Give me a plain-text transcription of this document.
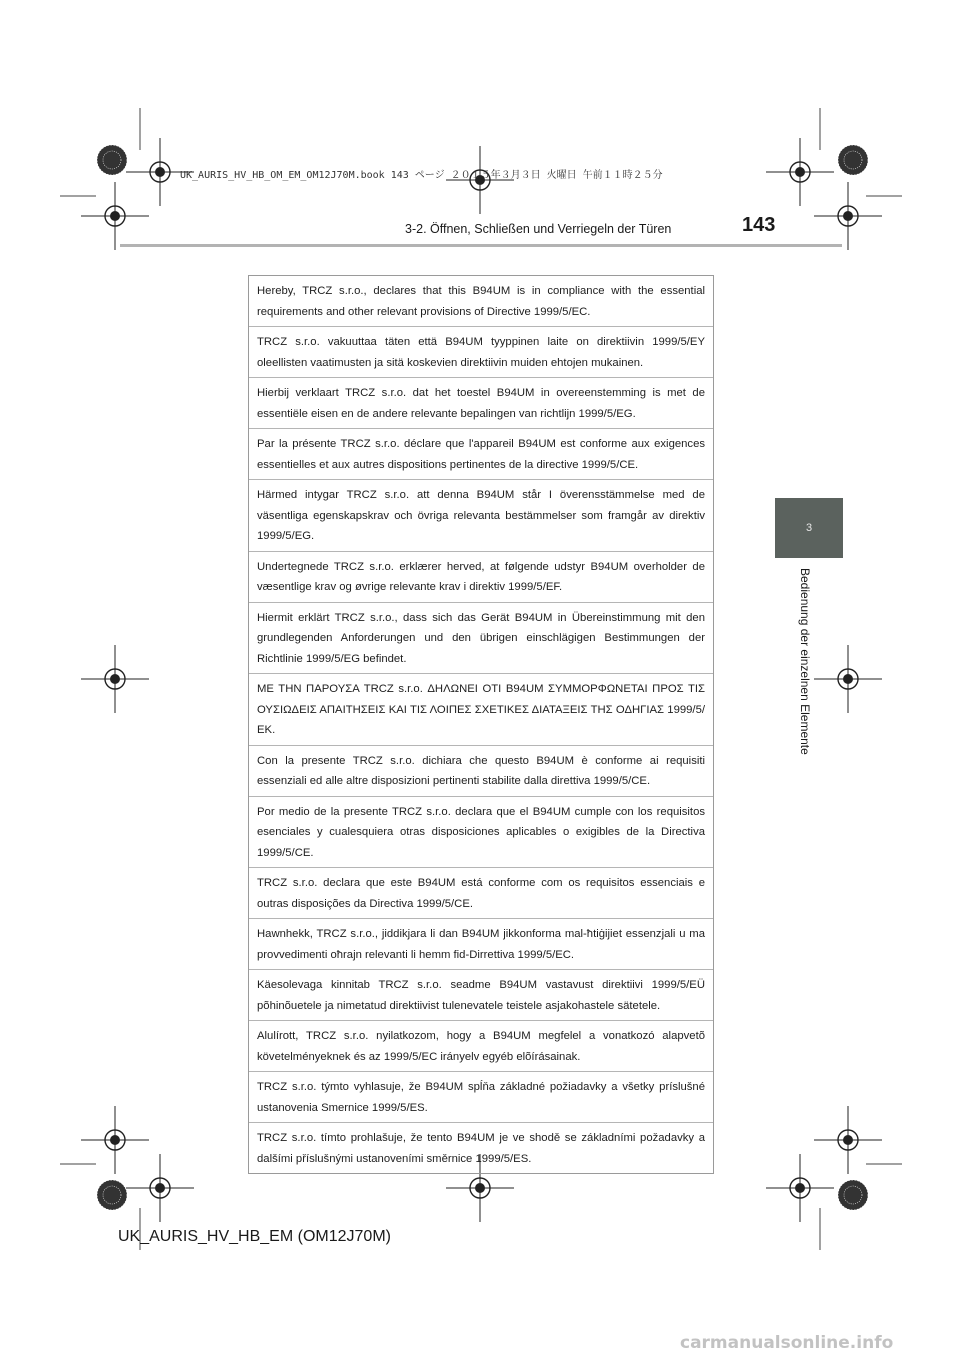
UK_AURIS_HV_HB_OM_EM_OM12J70M.book 143 ページ ２０１５年３月３日 火曜日 午前１１時２５分
3-2. Öffnen, Schließen und Verriegeln der Türen	143
3
Bedienung der einzelnen Elemente
Hereby, TRCZ s.r.o., declares that this B94UM is in compliance with the essential requirements and other relevant provisions of Directive 1999/5/EC.
TRCZ s.r.o. vakuuttaa täten että B94UM tyyppinen laite on direktiivin 1999/5/EY oleellisten vaatimusten ja sitä koskevien direktiivin muiden ehtojen mukainen.
Hierbij verklaart TRCZ s.r.o. dat het toestel B94UM in overeenstemming is met de essentiële eisen en de andere relevante bepalingen van richtlijn 1999/5/EG.
Par la présente TRCZ s.r.o. déclare que l'appareil B94UM est conforme aux exigences essentielles et aux autres dispositions pertinentes de la directive 1999/5/CE.
Härmed intygar TRCZ s.r.o. att denna B94UM står I överensstämmelse med de väsentliga egenskapskrav och övriga relevanta bestämmelser som framgår av direktiv 1999/5/EG.
Undertegnede TRCZ s.r.o. erklærer herved, at følgende udstyr B94UM overholder de væsentlige krav og øvrige relevante krav i direktiv 1999/5/EF.
Hiermit erklärt TRCZ s.r.o., dass sich das Gerät B94UM in Übereinstimmung mit den grundlegenden Anforderungen und den übrigen einschlägigen Bestimmungen der Richtlinie 1999/5/EG befindet.
ΜΕ ΤΗΝ ΠΑΡΟΥΣΑ TRCZ s.r.o. ΔΗΛΩΝΕΙ ΟΤΙ B94UM ΣΥΜΜΟΡΦΩΝΕΤΑΙ ΠΡΟΣ ΤΙΣ ΟΥΣΙΩΔΕΙΣ ΑΠΑΙΤΗΣΕΙΣ ΚΑΙ ΤΙΣ ΛΟΙΠΕΣ ΣΧΕΤΙΚΕΣ ΔΙΑΤΑΞΕΙΣ ΤΗΣ ΟΔΗΓΙΑΣ 1999/5/ΕΚ.
Con la presente TRCZ s.r.o. dichiara che questo B94UM è conforme ai requisiti essenziali ed alle altre disposizioni pertinenti stabilite dalla direttiva 1999/5/CE.
Por medio de la presente TRCZ s.r.o. declara que el B94UM cumple con los requisitos esenciales y cualesquiera otras disposiciones aplicables o exigibles de la Directiva 1999/5/CE.
TRCZ s.r.o. declara que este B94UM está conforme com os requisitos essenciais e outras disposições da Directiva 1999/5/CE.
Hawnhekk, TRCZ s.r.o., jiddikjara li dan B94UM jikkonforma mal-ħtiġijiet essenzjali u ma provvedimenti oħrajn relevanti li hemm fid-Dirrettiva 1999/5/EC.
Käesolevaga kinnitab TRCZ s.r.o. seadme B94UM vastavust direktiivi 1999/5/EÜ põhinõuetele ja nimetatud direktiivist tulenevatele teistele asjakohastele sätetele.
Alulírott, TRCZ s.r.o. nyilatkozom, hogy a B94UM megfelel a vonatkozó alapvetõ követelményeknek és az 1999/5/EC irányelv egyéb elõírásainak.
TRCZ s.r.o. týmto vyhlasuje, že B94UM spĺňa základné požiadavky a všetky príslušné ustanovenia Smernice 1999/5/ES.
TRCZ s.r.o. tímto prohlašuje, že tento B94UM je ve shodě se základními požadavky a dalšími příslušnými ustanoveními směrnice 1999/5/ES.
UK_AURIS_HV_HB_EM (OM12J70M)
carmanualsonline.info
